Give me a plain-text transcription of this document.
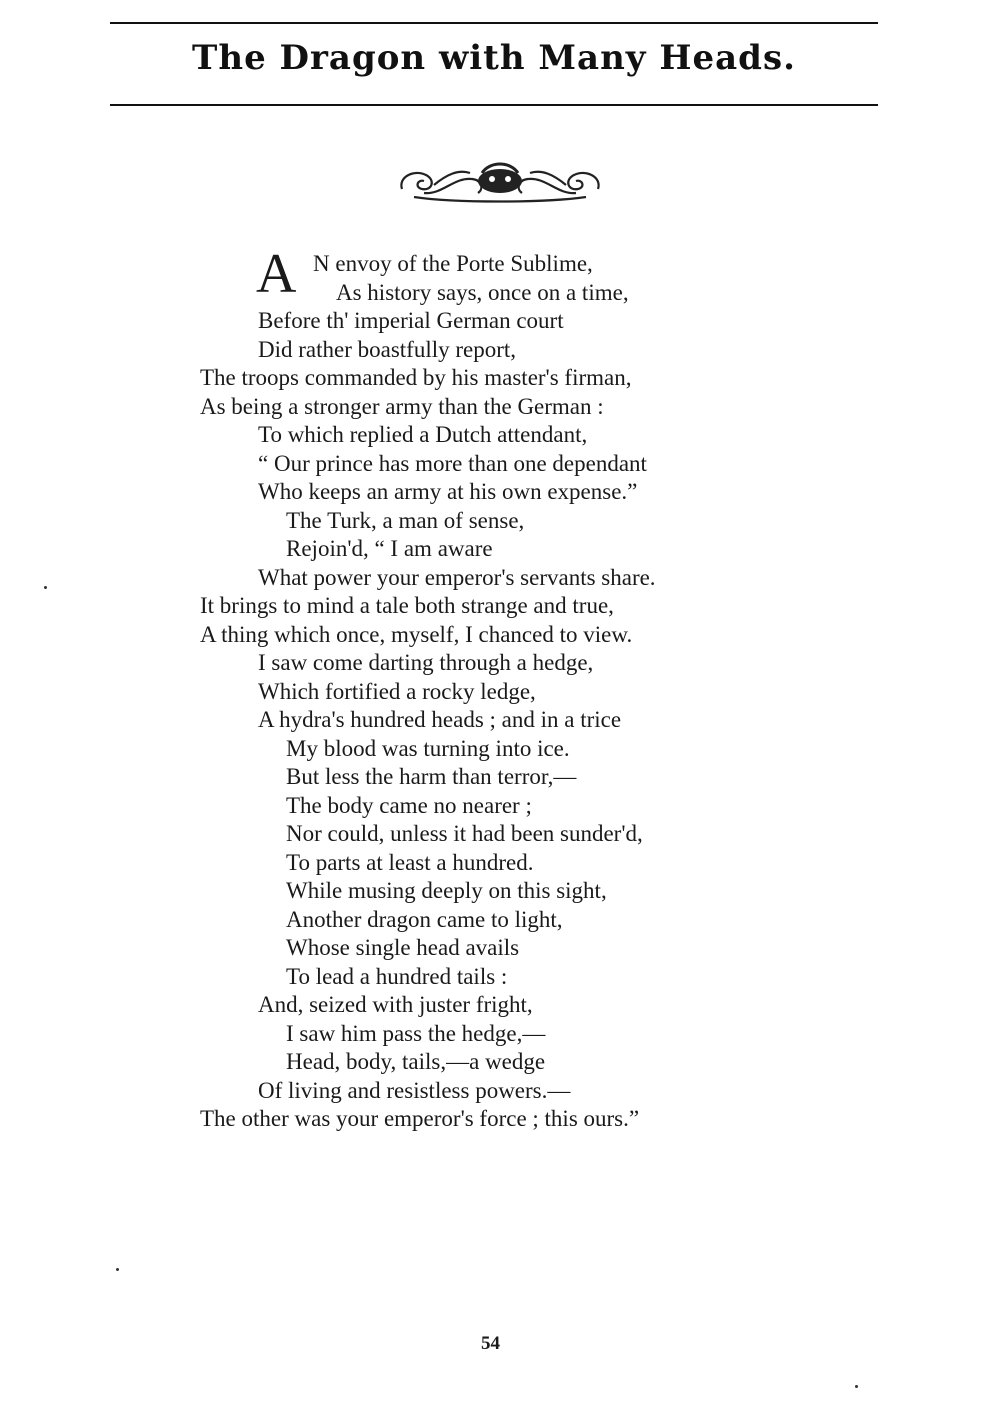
The Dragon with Many Heads.
A N envoy of the Porte Sublime,
As history says, once on a time,
Before th' imperial German court
Did rather boastfully report,
The troops commanded by his master's firman,
As being a stronger army than the German :
To which replied a Dutch attendant,
“ Our prince has more than one dependant
Who keeps an army at his own expense.”
The Turk, a man of sense,
Rejoin'd, “ I am aware
What power your emperor's servants share.
It brings to mind a tale both strange and true,
A thing which once, myself, I chanced to view.
I saw come darting through a hedge,
Which fortified a rocky ledge,
A hydra's hundred heads ; and in a trice
My blood was turning into ice.
But less the harm than terror,—
The body came no nearer ;
Nor could, unless it had been sunder'd,
To parts at least a hundred.
While musing deeply on this sight,
Another dragon came to light,
Whose single head avails
To lead a hundred tails :
And, seized with juster fright,
I saw him pass the hedge,—
Head, body, tails,—a wedge
Of living and resistless powers.—
The other was your emperor's force ; this ours.”
54
